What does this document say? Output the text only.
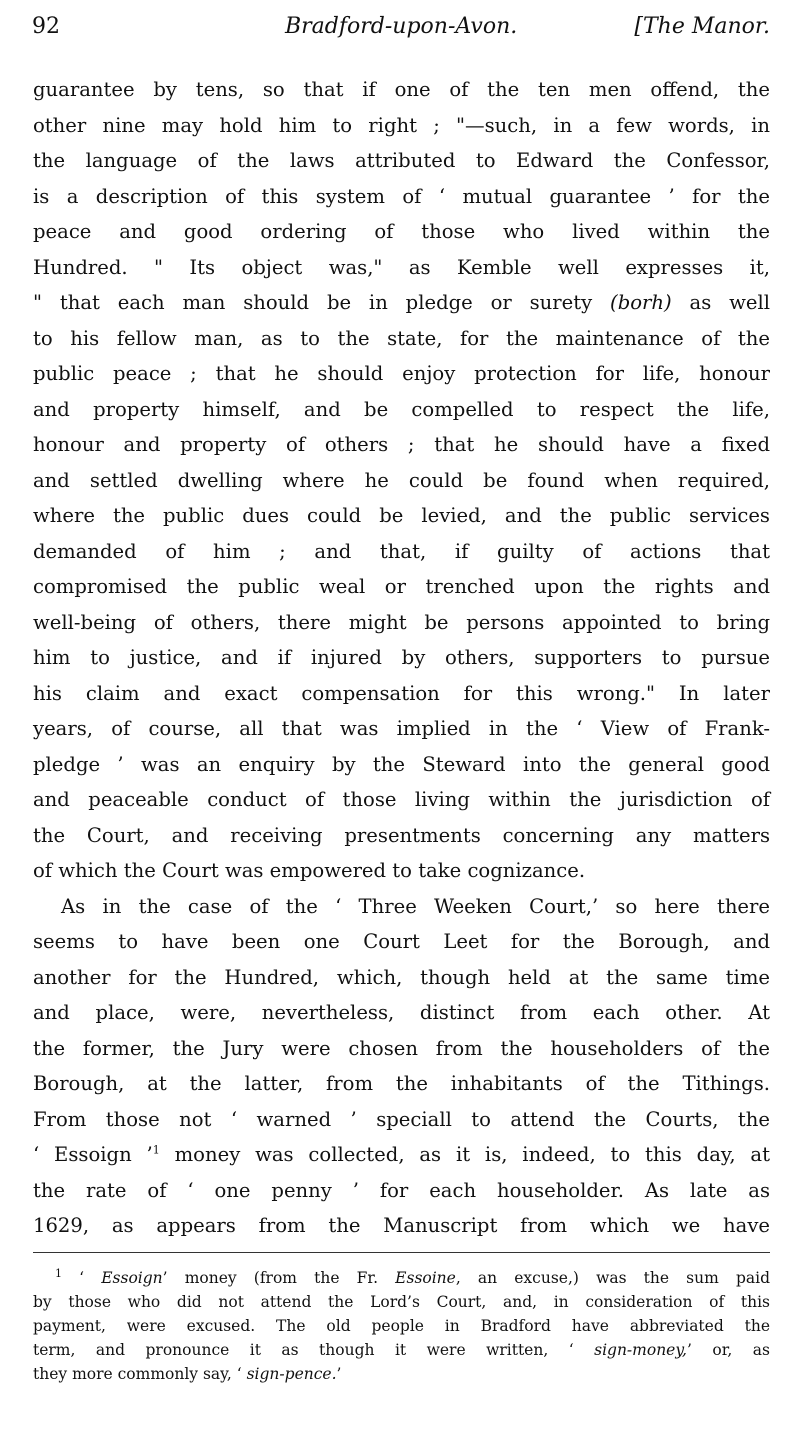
92	Bradford-upon-Avon.	[The Manor.
guarantee by tens, so that if one of the ten men offend, the
other nine may hold him to right ; "—such, in a few words, in
the language of the laws attributed to Edward the Confessor,
is a description of this system of ‘ mutual guarantee ’ for the
peace and good ordering of those who lived within the
Hundred. " Its object was," as Kemble well expresses it,
" that each man should be in pledge or surety (borh) as well
to his fellow man, as to the state, for the maintenance of the
public peace ; that he should enjoy protection for life, honour
and property himself, and be compelled to respect the life,
honour and property of others ; that he should have a fixed
and settled dwelling where he could be found when required,
where the public dues could be levied, and the public services
demanded of him ; and that, if guilty of actions that
compromised the public weal or trenched upon the rights and
well-being of others, there might be persons appointed to bring
him to justice, and if injured by others, supporters to pursue
his claim and exact compensation for this wrong." In later
years, of course, all that was implied in the ‘ View of Frank-
pledge ’ was an enquiry by the Steward into the general good
and peaceable conduct of those living within the jurisdiction of
the Court, and receiving presentments concerning any matters
of which the Court was empowered to take cognizance.
As in the case of the ‘ Three Weeken Court,’ so here there
seems to have been one Court Leet for the Borough, and
another for the Hundred, which, though held at the same time
and place, were, nevertheless, distinct from each other. At
the former, the Jury were chosen from the householders of the
Borough, at the latter, from the inhabitants of the Tithings.
From those not ‘ warned ’ speciall to attend the Courts, the
‘ Essoign ’$^1$ money was collected, as it is, indeed, to this day, at
the rate of ‘ one penny ’ for each householder. As late as
1629, as appears from the Manuscript from which we have
$^1$ ‘ Essoign’ money (from the Fr. Essoine, an excuse,) was the sum paid
by those who did not attend the Lord’s Court, and, in consideration of this
payment, were excused. The old people in Bradford have abbreviated the
term, and pronounce it as though it were written, ‘ sign-money,’ or, as
they more commonly say, ‘ sign-pence.’
